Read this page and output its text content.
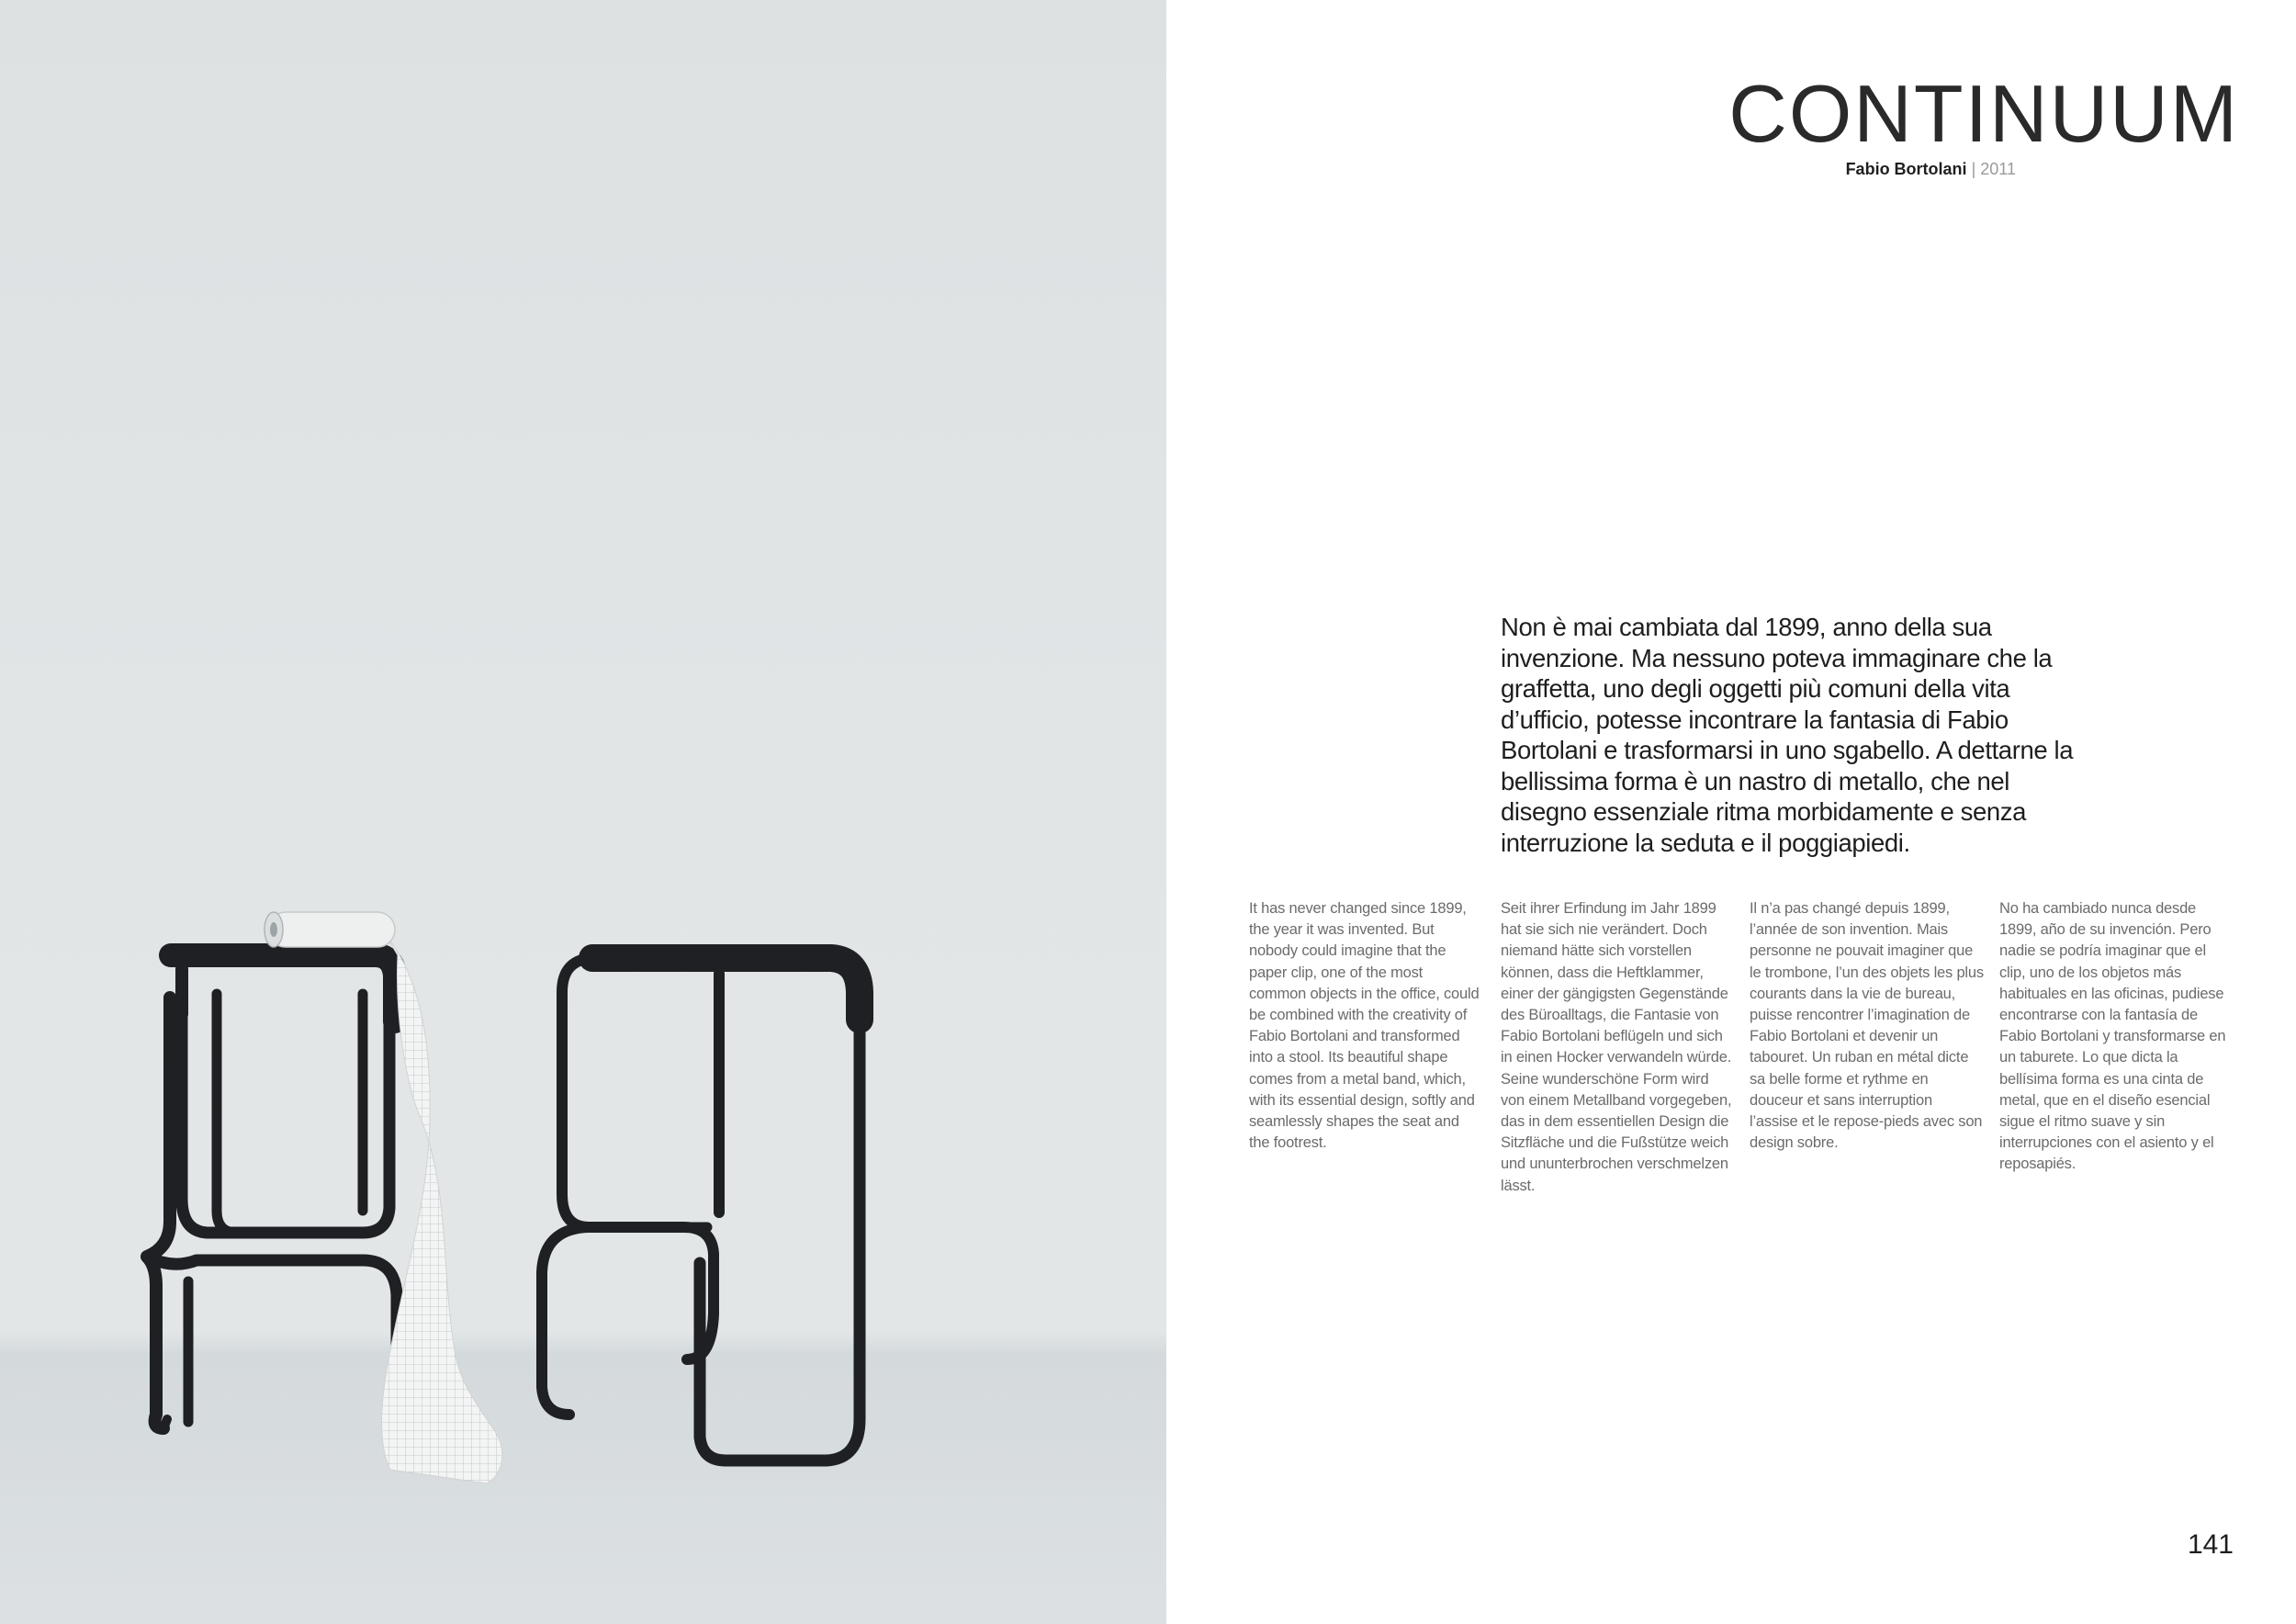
CONTINUUM
Fabio Bortolani | 2011

Non è mai cambiata dal 1899, anno della sua invenzione. Ma nessuno poteva immaginare che la graffetta, uno degli oggetti più comuni della vita d’ufficio, potesse incontrare la fantasia di Fabio Bortolani e trasformarsi in uno sgabello. A dettarne la bellissima forma è un nastro di metallo, che nel disegno essenziale ritma morbidamente e senza interruzione la seduta e il poggiapiedi.

It has never changed since 1899, the year it was invented. But nobody could imagine that the paper clip, one of the most common objects in the office, could be combined with the creativity of Fabio Bortolani and transformed into a stool. Its beautiful shape comes from a metal band, which, with its essential design, softly and seamlessly shapes the seat and the footrest.

Seit ihrer Erfindung im Jahr 1899 hat sie sich nie verändert. Doch niemand hätte sich vorstellen können, dass die Heftklammer, einer der gängigsten Gegenstände des Büroalltags, die Fantasie von Fabio Bortolani beflügeln und sich in einen Hocker verwandeln würde. Seine wunderschöne Form wird von einem Metallband vorgegeben, das in dem essentiellen Design die Sitzfläche und die Fußstütze weich und ununterbrochen verschmelzen lässt.

Il n’a pas changé depuis 1899, l’année de son invention. Mais personne ne pouvait imaginer que le trombone, l’un des objets les plus courants dans la vie de bureau, puisse rencontrer l’imagination de Fabio Bortolani et devenir un tabouret. Un ruban en métal dicte sa belle forme et rythme en douceur et sans interruption l’assise et le repose-pieds avec son design sobre.

No ha cambiado nunca desde 1899, año de su invención. Pero nadie se podría imaginar que el clip, uno de los objetos más habituales en las oficinas, pudiese encontrarse con la fantasía de Fabio Bortolani y transformarse en un taburete. Lo que dicta la bellísima forma es una cinta de metal, que en el diseño esencial sigue el ritmo suave y sin interrupciones con el asiento y el reposapiés.

141
